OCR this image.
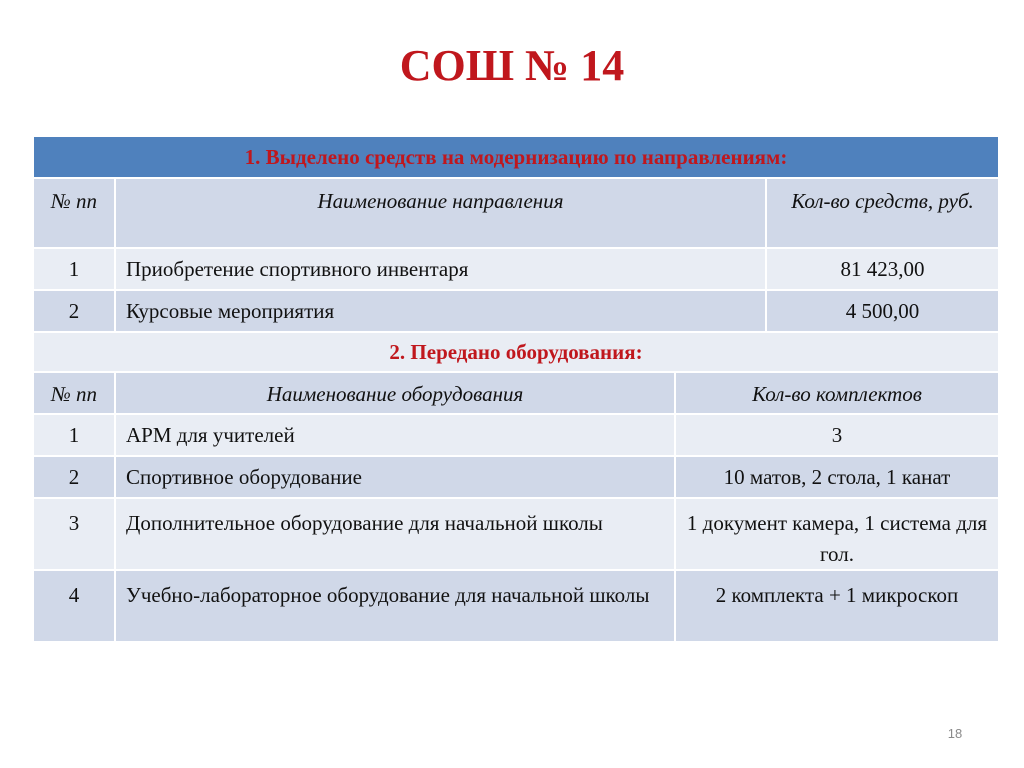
СОШ № 14
1. Выделено средств на модернизацию по направлениям:
№ пп	Наименование направления	Кол-во средств, руб.
1	Приобретение спортивного инвентаря	81 423,00
2	Курсовые мероприятия	4 500,00
2. Передано оборудования:
№ пп	Наименование оборудования	Кол-во комплектов
1	АРМ для учителей	3
2	Спортивное оборудование	10 матов, 2 стола, 1 канат
3	Дополнительное оборудование для начальной школы	1 документ камера, 1 система для гол.
4	Учебно-лабораторное оборудование для начальной школы	2 комплекта + 1 микроскоп
18
